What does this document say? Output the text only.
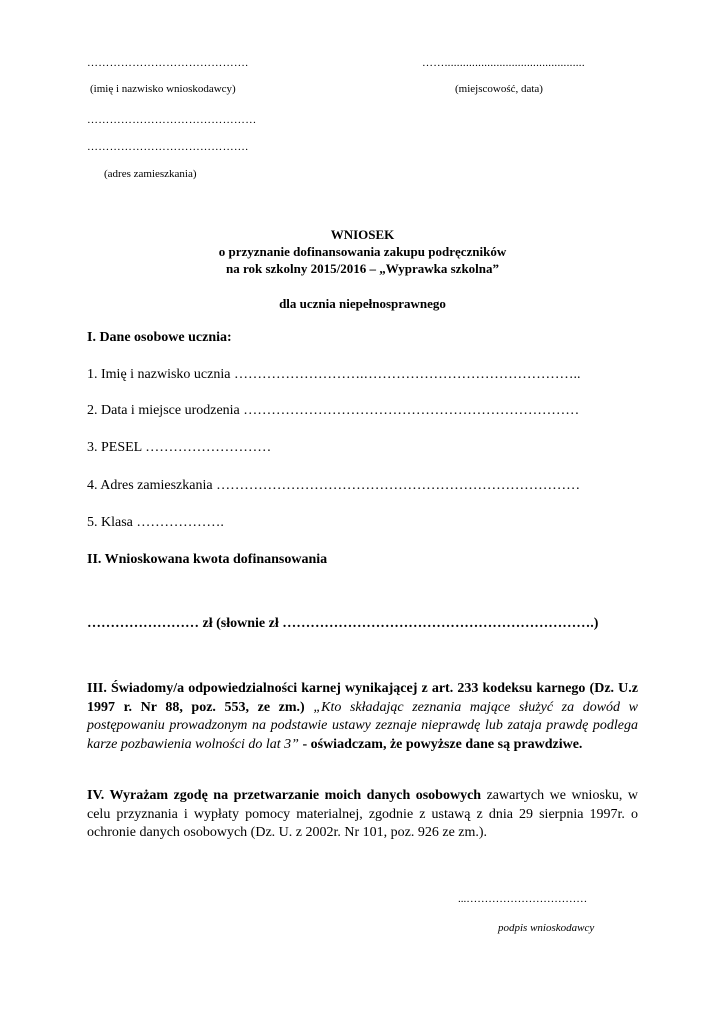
…………………………………….
(imię i nazwisko wnioskodawcy)
……..............................................
(miejscowość, data)
………………………………………
…………………………………….
(adres zamieszkania)
WNIOSEK
o przyznanie dofinansowania zakupu podręczników
na rok szkolny 2015/2016 – „Wyprawka szkolna”
dla ucznia niepełnosprawnego
I. Dane osobowe ucznia:
1. Imię i nazwisko ucznia ……………………….………………………………………..
2. Data i miejsce urodzenia ………………………………………………………………
3. PESEL ………………………
4. Adres zamieszkania ……………………………………………………………………
5. Klasa ……………….
II. Wnioskowana kwota dofinansowania
…………………… zł (słownie zł ………………………………………………………….)
III. Świadomy/a odpowiedzialności karnej wynikającej z art. 233 kodeksu karnego (Dz. U.z 1997 r. Nr 88, poz. 553, ze zm.) „Kto składając zeznania mające służyć za dowód w postępowaniu prowadzonym na podstawie ustawy zeznaje nieprawdę lub zataja prawdę podlega karze pozbawienia wolności do lat 3” - oświadczam, że powyższe dane są prawdziwe.
IV. Wyrażam zgodę na przetwarzanie moich danych osobowych zawartych we wniosku, w celu przyznania i wypłaty pomocy materialnej, zgodnie z ustawą z dnia 29 sierpnia 1997r. o ochronie danych osobowych (Dz. U. z 2002r. Nr 101, poz. 926 ze zm.).
...……………………………
podpis wnioskodawcy
